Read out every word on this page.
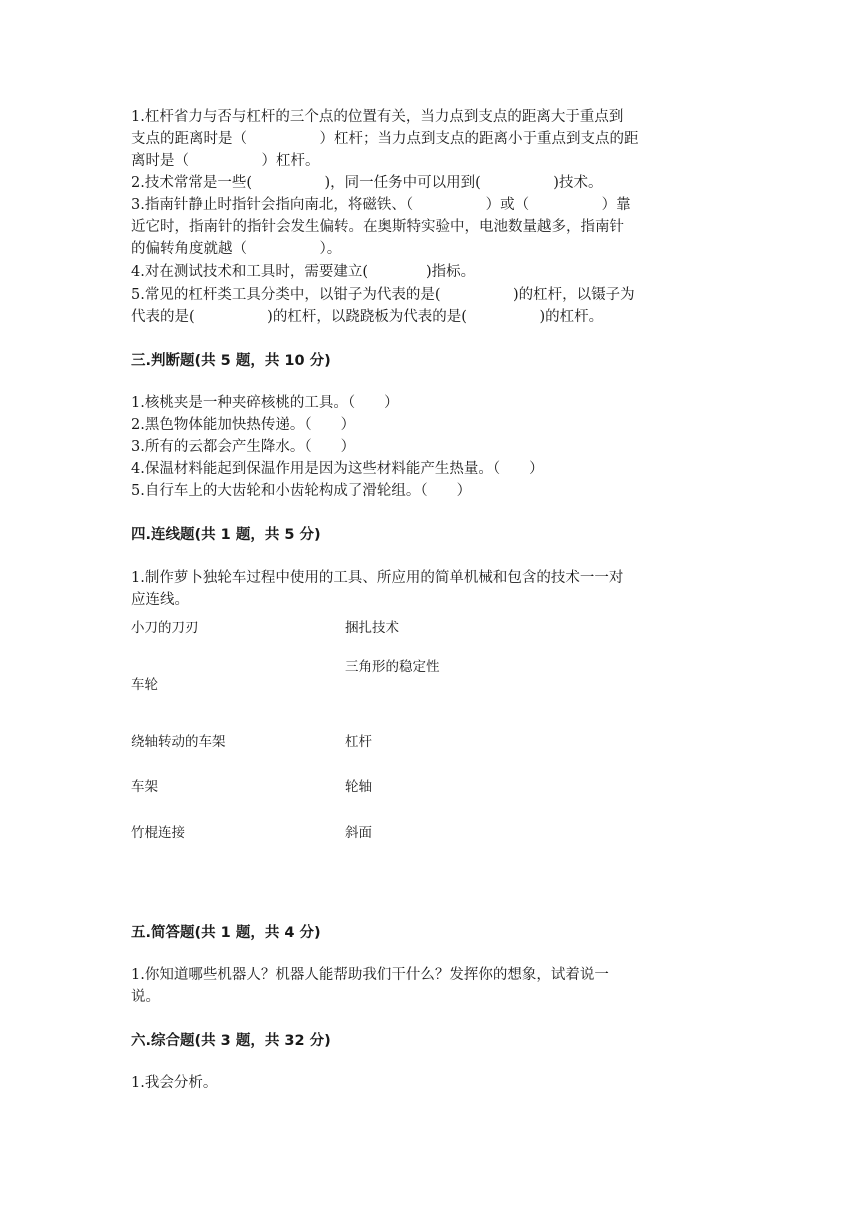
1.杠杆省力与否与杠杆的三个点的位置有关，当力点到支点的距离大于重点到
支点的距离时是（　　　　　）杠杆；当力点到支点的距离小于重点到支点的距
离时是（　　　　　）杠杆。
2.技术常常是一些(　　　　　)，同一任务中可以用到(　　　　　)技术。
3.指南针静止时指针会指向南北，将磁铁、（　　　　　）或（　　　　　）靠
近它时，指南针的指针会发生偏转。在奥斯特实验中，电池数量越多，指南针
的偏转角度就越（　　　　　）。
4.对在测试技术和工具时，需要建立(　　　　)指标。
5.常见的杠杆类工具分类中，以钳子为代表的是(　　　　　)的杠杆，以镊子为
代表的是(　　　　　)的杠杆，以跷跷板为代表的是(　　　　　)的杠杆。
三.判断题(共 5 题，共 10 分)
1.核桃夹是一种夹碎核桃的工具。（　　）
2.黑色物体能加快热传递。（　　）
3.所有的云都会产生降水。（　　）
4.保温材料能起到保温作用是因为这些材料能产生热量。（　　）
5.自行车上的大齿轮和小齿轮构成了滑轮组。（　　）
四.连线题(共 1 题，共 5 分)
1.制作萝卜独轮车过程中使用的工具、所应用的简单机械和包含的技术一一对
应连线。
小刀的刀刃
车轮
绕轴转动的车架
车架
竹棍连接
捆扎技术
三角形的稳定性
杠杆
轮轴
斜面
五.简答题(共 1 题，共 4 分)
1.你知道哪些机器人？机器人能帮助我们干什么？发挥你的想象，试着说一
说。
六.综合题(共 3 题，共 32 分)
1.我会分析。
